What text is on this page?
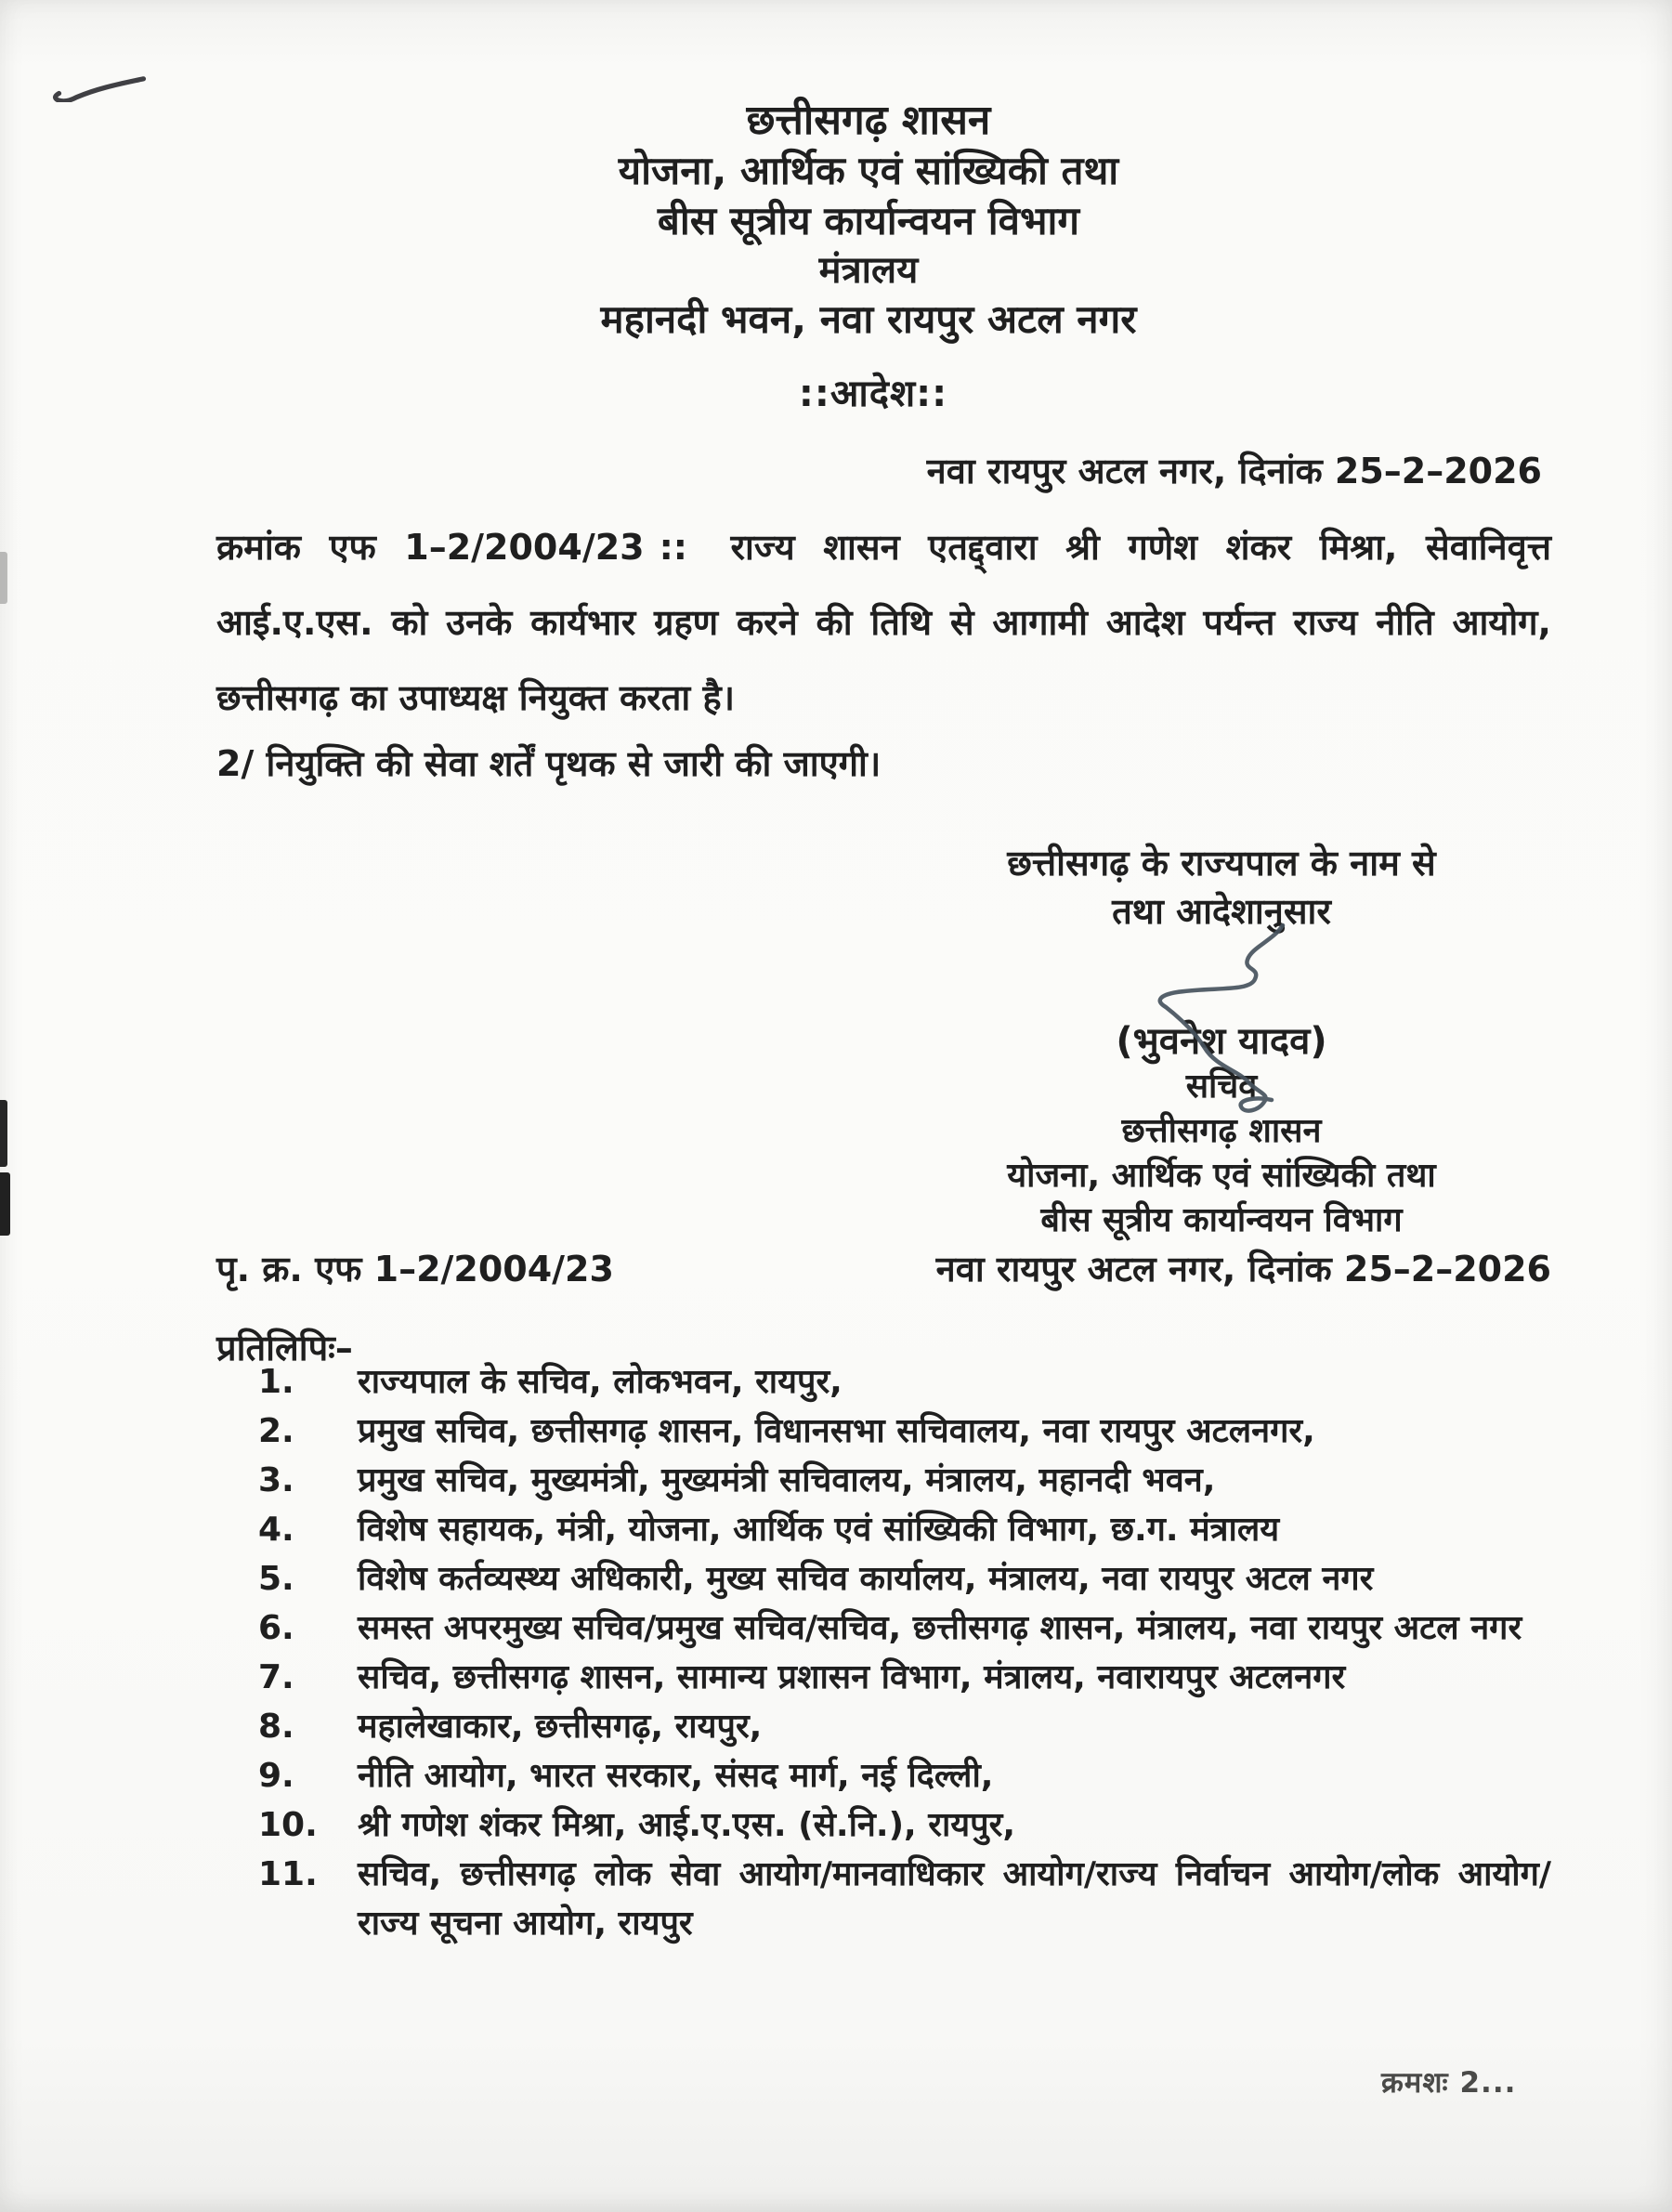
छत्तीसगढ़ शासन
योजना, आर्थिक एवं सांख्यिकी तथा
बीस सूत्रीय कार्यान्वयन विभाग
मंत्रालय
महानदी भवन, नवा रायपुर अटल नगर
::आदेश::
नवा रायपुर अटल नगर, दिनांक 25–2–2026
क्रमांक एफ 1–2/2004/23 :: राज्य शासन एतद्द्वारा श्री गणेश शंकर मिश्रा, सेवानिवृत्त आई.ए.एस. को उनके कार्यभार ग्रहण करने की तिथि से आगामी आदेश पर्यन्त राज्य नीति आयोग, छत्तीसगढ़ का उपाध्यक्ष नियुक्त करता है।
2/ नियुक्ति की सेवा शर्तें पृथक से जारी की जाएगी।
छत्तीसगढ़ के राज्यपाल के नाम से
तथा आदेशानुसार
(भुवनेश यादव)
सचिव
छत्तीसगढ़ शासन
योजना, आर्थिक एवं सांख्यिकी तथा
बीस सूत्रीय कार्यान्वयन विभाग
पृ. क्र. एफ 1–2/2004/23	नवा रायपुर अटल नगर, दिनांक 25–2–2026
प्रतिलिपिः–
1.	राज्यपाल के सचिव, लोकभवन, रायपुर,
2.	प्रमुख सचिव, छत्तीसगढ़ शासन, विधानसभा सचिवालय, नवा रायपुर अटलनगर,
3.	प्रमुख सचिव, मुख्यमंत्री, मुख्यमंत्री सचिवालय, मंत्रालय, महानदी भवन,
4.	विशेष सहायक, मंत्री, योजना, आर्थिक एवं सांख्यिकी विभाग, छ.ग. मंत्रालय
5.	विशेष कर्तव्यस्थ्य अधिकारी, मुख्य सचिव कार्यालय, मंत्रालय, नवा रायपुर अटल नगर
6.	समस्त अपरमुख्य सचिव/प्रमुख सचिव/सचिव, छत्तीसगढ़ शासन, मंत्रालय, नवा रायपुर अटल नगर
7.	सचिव, छत्तीसगढ़ शासन, सामान्य प्रशासन विभाग, मंत्रालय, नवारायपुर अटलनगर
8.	महालेखाकार, छत्तीसगढ़, रायपुर,
9.	नीति आयोग, भारत सरकार, संसद मार्ग, नई दिल्ली,
10.	श्री गणेश शंकर मिश्रा, आई.ए.एस. (से.नि.), रायपुर,
11.	सचिव, छत्तीसगढ़ लोक सेवा आयोग/मानवाधिकार आयोग/राज्य निर्वाचन आयोग/लोक आयोग/राज्य सूचना आयोग, रायपुर
क्रमशः 2...
